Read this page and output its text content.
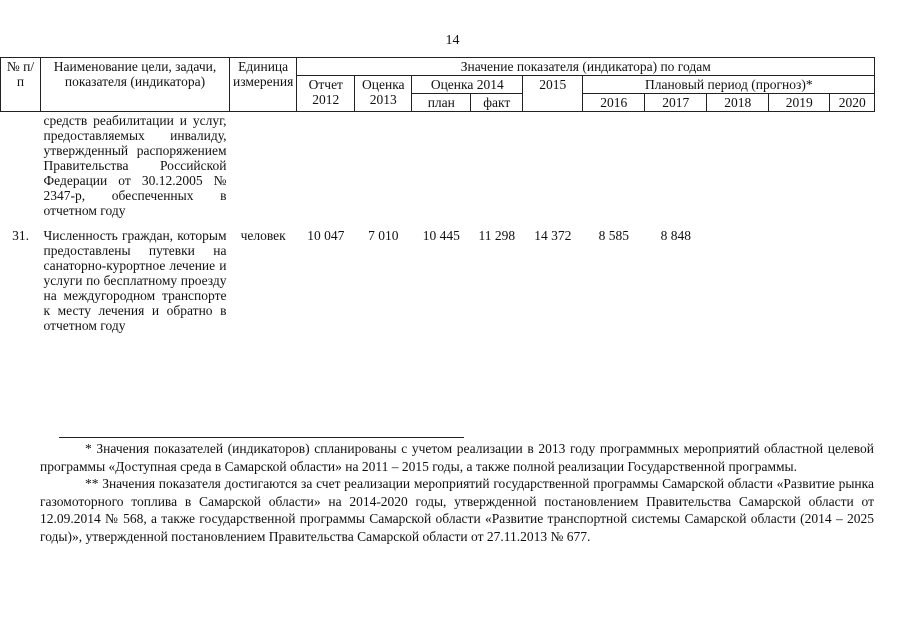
14
№ п/п	Наименование цели, задачи, показателя (индикатора)	Единица измерения	Значение показателя (индикатора) по годам									
			Отчет 2012	Оценка 2013	Оценка 2014		2015	Плановый период (прогноз)*				
					план	факт		2016	2017	2018	2019	2020
	средств реабилитации и услуг, предоставляемых инвалиду, утвержденный распоряжением Правительства Российской Федерации от 30.12.2005 № 2347-р, обеспеченных в отчетном году											
31.	Численность граждан, которым предоставлены путевки на санаторно-курортное лечение и услуги по бесплатному проезду на междугородном транспорте к месту лечения и обратно в отчетном году	человек	10 047	7 010	10 445	11 298	14 372	8 585	8 848			

* Значения показателей (индикаторов) спланированы с учетом реализации в 2013 году программных мероприятий областной целевой программы «Доступная среда в Самарской области» на 2011 – 2015 годы, а также полной реализации Государственной программы.

** Значения показателя достигаются за счет реализации мероприятий государственной программы Самарской области «Развитие рынка газомоторного топлива в Самарской области» на 2014-2020 годы, утвержденной постановлением Правительства Самарской области от 12.09.2014 № 568, а также государственной программы Самарской области «Развитие транспортной системы Самарской области (2014 – 2025 годы)», утвержденной постановлением Правительства Самарской области от 27.11.2013 № 677.
